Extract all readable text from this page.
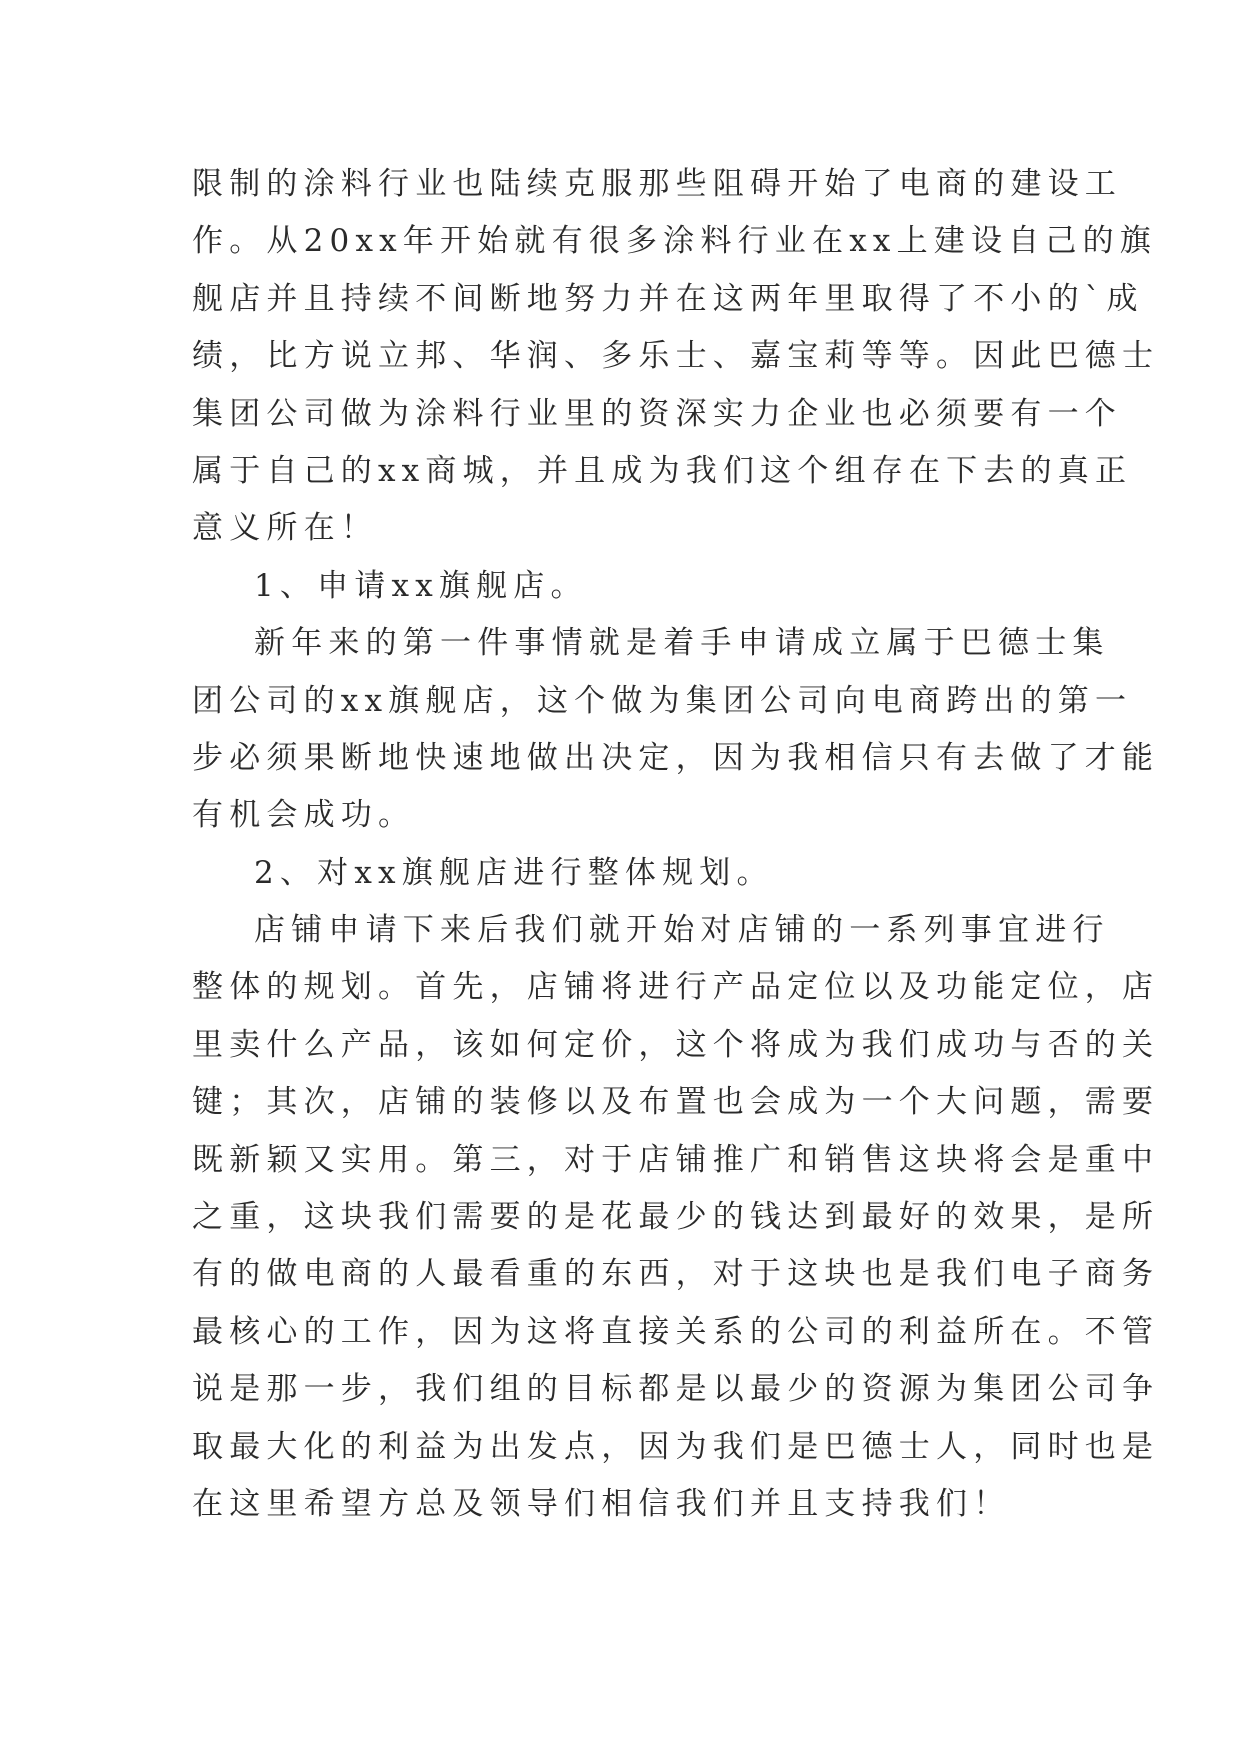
限制的涂料行业也陆续克服那些阻碍开始了电商的建设工
作。从20xx年开始就有很多涂料行业在xx上建设自己的旗
舰店并且持续不间断地努力并在这两年里取得了不小的`成
绩，比方说立邦、华润、多乐士、嘉宝莉等等。因此巴德士
集团公司做为涂料行业里的资深实力企业也必须要有一个
属于自己的xx商城，并且成为我们这个组存在下去的真正
意义所在！
1、申请xx旗舰店。
新年来的第一件事情就是着手申请成立属于巴德士集
团公司的xx旗舰店，这个做为集团公司向电商跨出的第一
步必须果断地快速地做出决定，因为我相信只有去做了才能
有机会成功。
2、对xx旗舰店进行整体规划。
店铺申请下来后我们就开始对店铺的一系列事宜进行
整体的规划。首先，店铺将进行产品定位以及功能定位，店
里卖什么产品，该如何定价，这个将成为我们成功与否的关
键；其次，店铺的装修以及布置也会成为一个大问题，需要
既新颖又实用。第三，对于店铺推广和销售这块将会是重中
之重，这块我们需要的是花最少的钱达到最好的效果，是所
有的做电商的人最看重的东西，对于这块也是我们电子商务
最核心的工作，因为这将直接关系的公司的利益所在。不管
说是那一步，我们组的目标都是以最少的资源为集团公司争
取最大化的利益为出发点，因为我们是巴德士人，同时也是
在这里希望方总及领导们相信我们并且支持我们！
